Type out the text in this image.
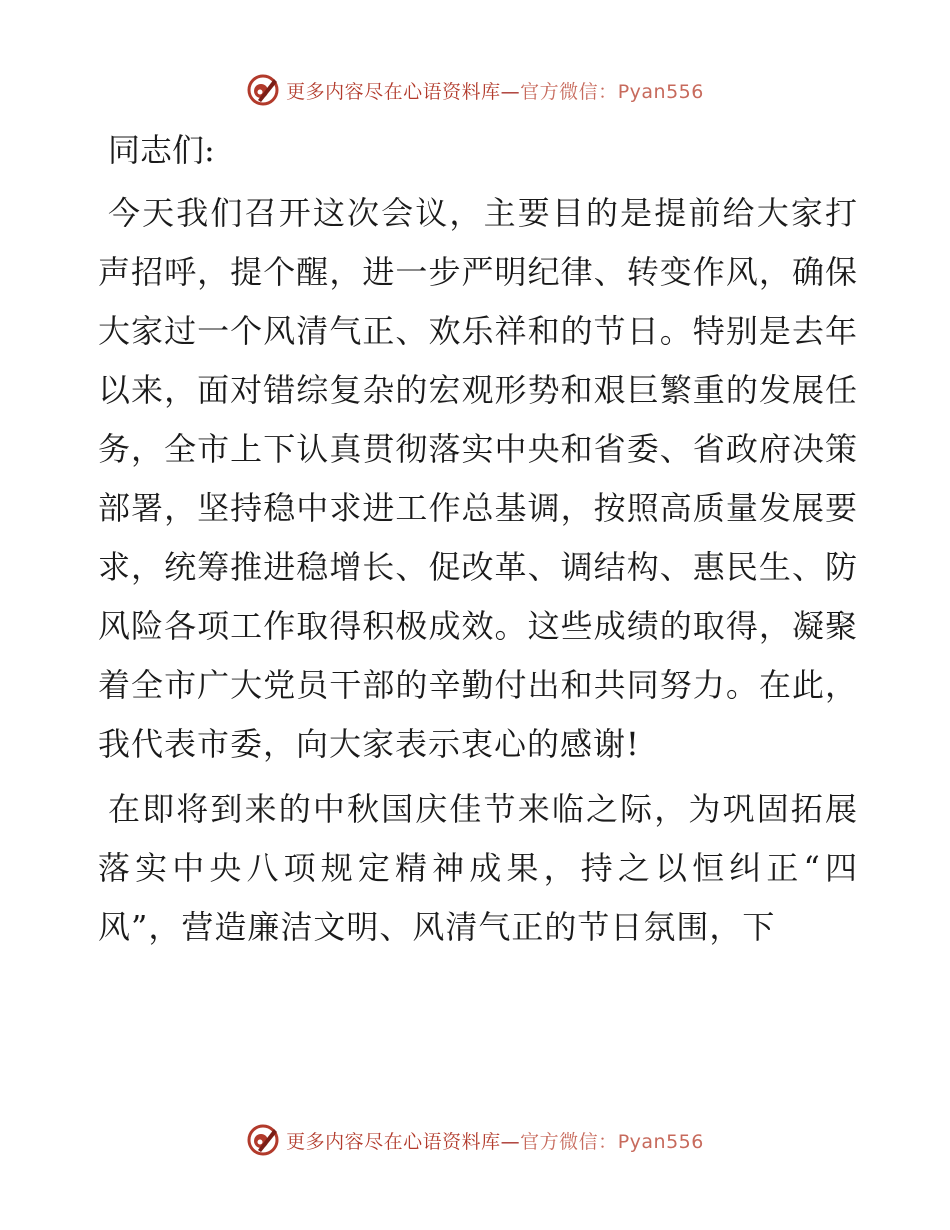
更多内容尽在心语资料库—官方微信：Pyan556

同志们:

今天我们召开这次会议，主要目的是提前给大家打声招呼，提个醒，进一步严明纪律、转变作风，确保大家过一个风清气正、欢乐祥和的节日。特别是去年以来，面对错综复杂的宏观形势和艰巨繁重的发展任务，全市上下认真贯彻落实中央和省委、省政府决策部署，坚持稳中求进工作总基调，按照高质量发展要求，统筹推进稳增长、促改革、调结构、惠民生、防风险各项工作取得积极成效。这些成绩的取得，凝聚着全市广大党员干部的辛勤付出和共同努力。在此，我代表市委，向大家表示衷心的感谢!

在即将到来的中秋国庆佳节来临之际，为巩固拓展落实中央八项规定精神成果，持之以恒纠正“四风”，营造廉洁文明、风清气正的节日氛围，下

更多内容尽在心语资料库—官方微信：Pyan556
